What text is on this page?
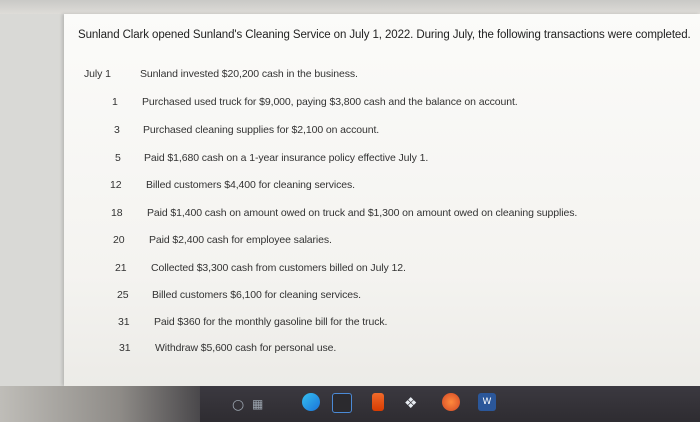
Sunland Clark opened Sunland's Cleaning Service on July 1, 2022. During July, the following transactions were completed.
July 1	Sunland invested $20,200 cash in the business.
1 Purchased used truck for $9,000, paying $3,800 cash and the balance on account.
3 Purchased cleaning supplies for $2,100 on account.
5 Paid $1,680 cash on a 1-year insurance policy effective July 1.
12 Billed customers $4,400 for cleaning services.
18 Paid $1,400 cash on amount owed on truck and $1,300 on amount owed on cleaning supplies.
20 Paid $2,400 cash for employee salaries.
21 Collected $3,300 cash from customers billed on July 12.
25 Billed customers $6,100 for cleaning services.
31 Paid $360 for the monthly gasoline bill for the truck.
31 Withdraw $5,600 cash for personal use.
○ ▦	❖	W
